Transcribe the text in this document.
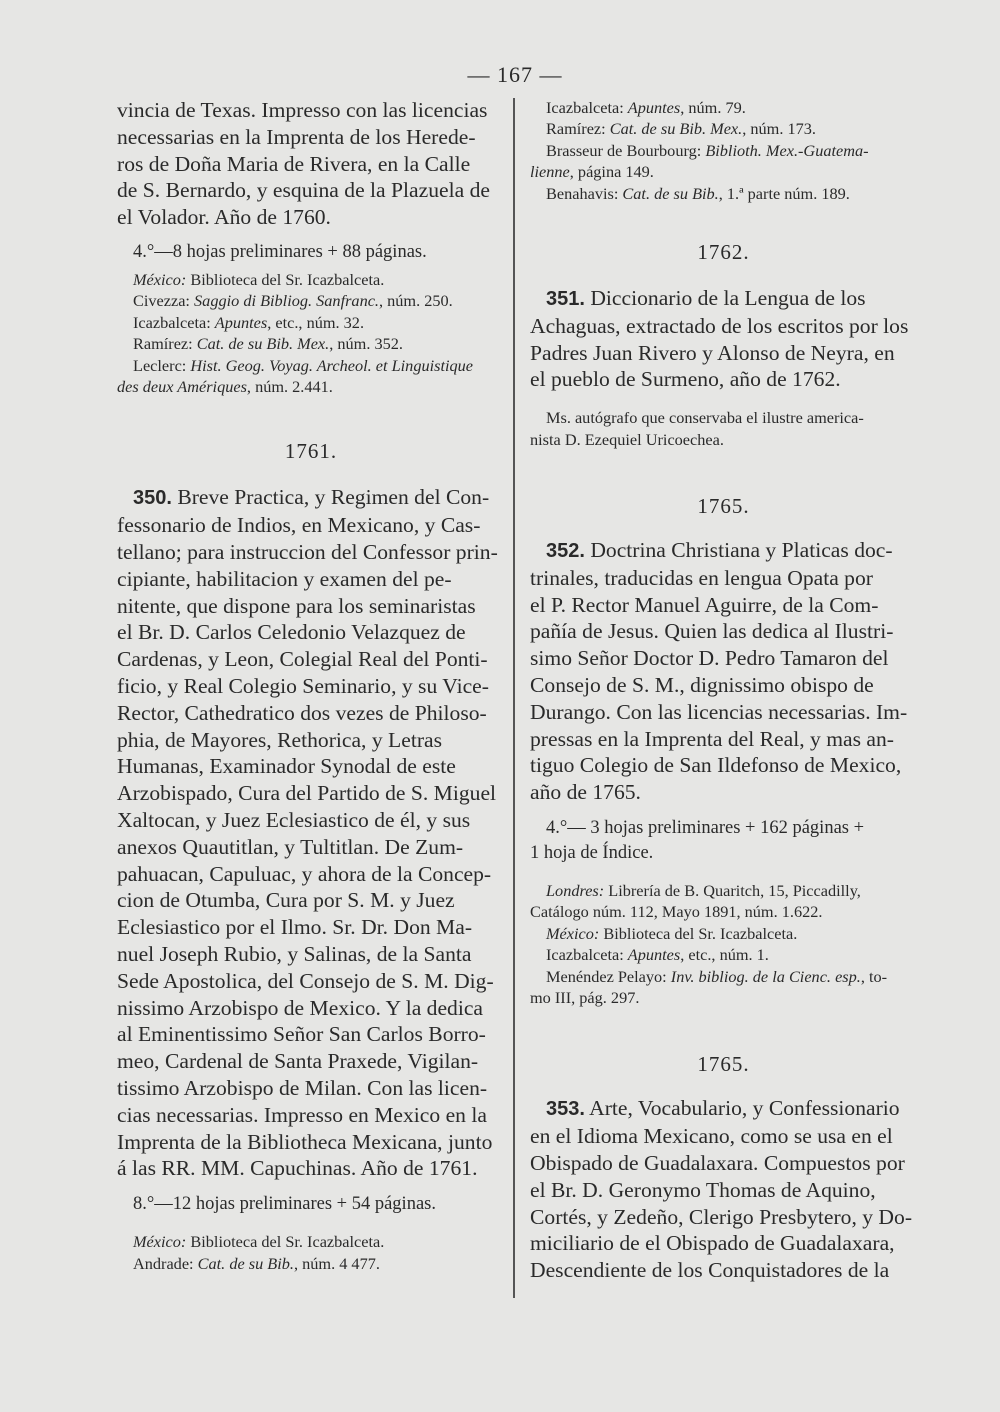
— 167 —

vincia de Texas. Impresso con las licencias
necessarias en la Imprenta de los Herede-
ros de Doña Maria de Rivera, en la Calle
de S. Bernardo, y esquina de la Plazuela de
el Volador. Año de 1760.

4.°—8 hojas preliminares + 88 páginas.

México: Biblioteca del Sr. Icazbalceta.

Civezza: Saggio di Bibliog. Sanfranc., núm. 250.

Icazbalceta: Apuntes, etc., núm. 32.

Ramírez: Cat. de su Bib. Mex., núm. 352.

Leclerc: Hist. Geog. Voyag. Archeol. et Linguistique

des deux Amériques, núm. 2.441.

1761.

350. Breve Practica, y Regimen del Con-
fessonario de Indios, en Mexicano, y Cas-
tellano; para instruccion del Confessor prin-
cipiante, habilitacion y examen del pe-
nitente, que dispone para los seminaristas
el Br. D. Carlos Celedonio Velazquez de
Cardenas, y Leon, Colegial Real del Ponti-
ficio, y Real Colegio Seminario, y su Vice-
Rector, Cathedratico dos vezes de Philoso-
phia, de Mayores, Rethorica, y Letras
Humanas, Examinador Synodal de este
Arzobispado, Cura del Partido de S. Miguel
Xaltocan, y Juez Eclesiastico de él, y sus
anexos Quautitlan, y Tultitlan. De Zum-
pahuacan, Capuluac, y ahora de la Concep-
cion de Otumba, Cura por S. M. y Juez
Eclesiastico por el Ilmo. Sr. Dr. Don Ma-
nuel Joseph Rubio, y Salinas, de la Santa
Sede Apostolica, del Consejo de S. M. Dig-
nissimo Arzobispo de Mexico. Y la dedica
al Eminentissimo Señor San Carlos Borro-
meo, Cardenal de Santa Praxede, Vigilan-
tissimo Arzobispo de Milan. Con las licen-
cias necessarias. Impresso en Mexico en la
Imprenta de la Bibliotheca Mexicana, junto
á las RR. MM. Capuchinas. Año de 1761.

8.°—12 hojas preliminares + 54 páginas.

México: Biblioteca del Sr. Icazbalceta.

Andrade: Cat. de su Bib., núm. 4 477.

Icazbalceta: Apuntes, núm. 79.

Ramírez: Cat. de su Bib. Mex., núm. 173.

Brasseur de Bourbourg: Biblioth. Mex.-Guatema-

lienne, página 149.

Benahavis: Cat. de su Bib., 1.ª parte núm. 189.

1762.

351. Diccionario de la Lengua de los
Achaguas, extractado de los escritos por los
Padres Juan Rivero y Alonso de Neyra, en
el pueblo de Surmeno, año de 1762.

Ms. autógrafo que conservaba el ilustre america-

nista D. Ezequiel Uricoechea.

1765.

352. Doctrina Christiana y Platicas doc-
trinales, traducidas en lengua Opata por
el P. Rector Manuel Aguirre, de la Com-
pañía de Jesus. Quien las dedica al Ilustri-
simo Señor Doctor D. Pedro Tamaron del
Consejo de S. M., dignissimo obispo de
Durango. Con las licencias necessarias. Im-
pressas en la Imprenta del Real, y mas an-
tiguo Colegio de San Ildefonso de Mexico,
año de 1765.

4.°— 3 hojas preliminares + 162 páginas +
1 hoja de Índice.

Londres: Librería de B. Quaritch, 15, Piccadilly,

Catálogo núm. 112, Mayo 1891, núm. 1.622.

México: Biblioteca del Sr. Icazbalceta.

Icazbalceta: Apuntes, etc., núm. 1.

Menéndez Pelayo: Inv. bibliog. de la Cienc. esp., to-

mo III, pág. 297.

1765.

353. Arte, Vocabulario, y Confessionario
en el Idioma Mexicano, como se usa en el
Obispado de Guadalaxara. Compuestos por
el Br. D. Geronymo Thomas de Aquino,
Cortés, y Zedeño, Clerigo Presbytero, y Do-
miciliario de el Obispado de Guadalaxara,
Descendiente de los Conquistadores de la
